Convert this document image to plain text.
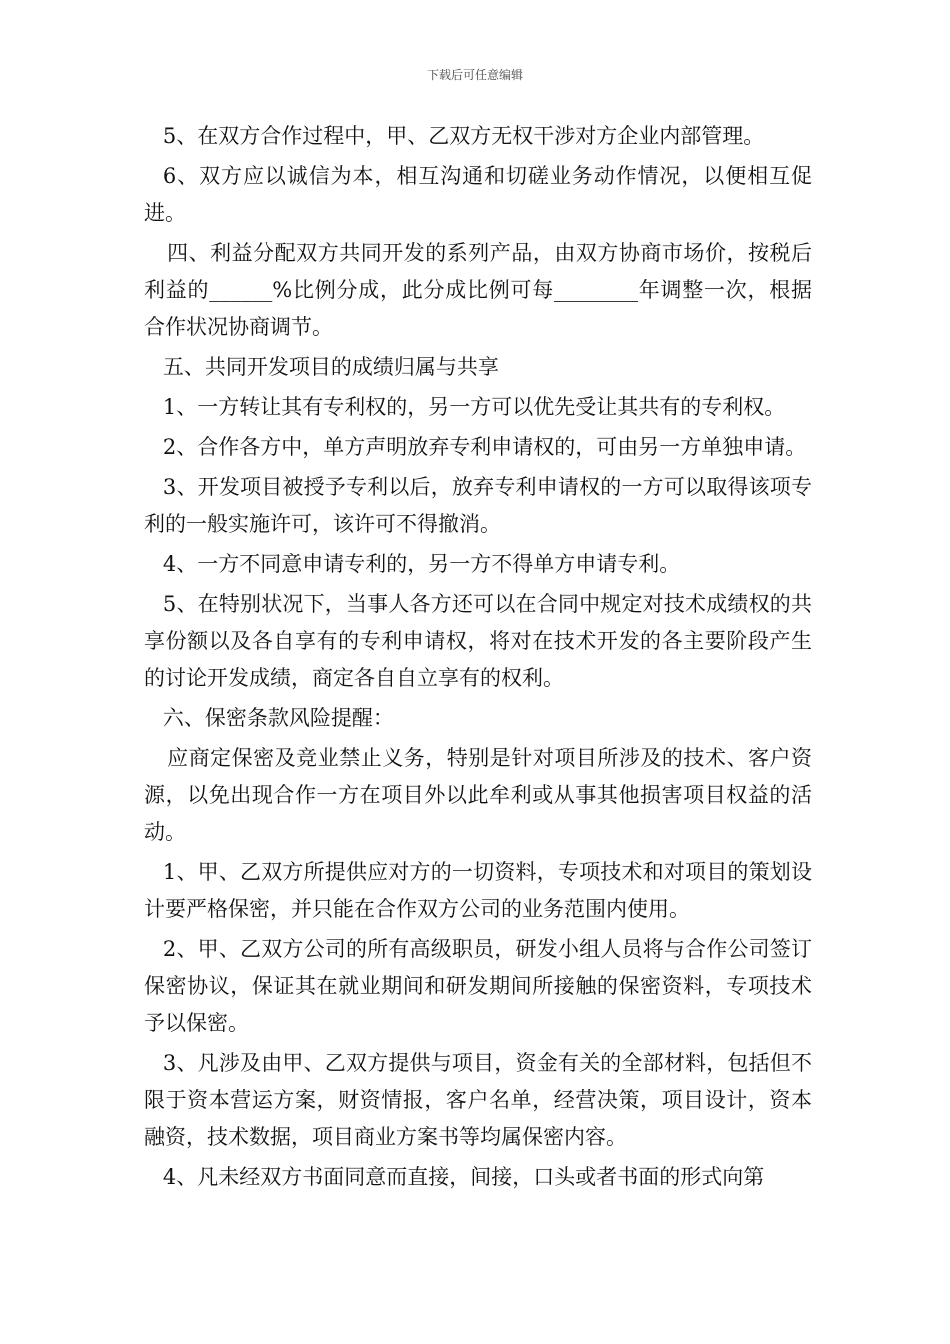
下载后可任意编辑

5、在双方合作过程中，甲、乙双方无权干涉对方企业内部管理。

6、双方应以诚信为本，相互沟通和切磋业务动作情况，以便相互促进。

四、利益分配双方共同开发的系列产品，由双方协商市场价，按税后利益的______%比例分成，此分成比例可每________年调整一次，根据合作状况协商调节。

五、共同开发项目的成绩归属与共享

1、一方转让其有专利权的，另一方可以优先受让其共有的专利权。

2、合作各方中，单方声明放弃专利申请权的，可由另一方单独申请。

3、开发项目被授予专利以后，放弃专利申请权的一方可以取得该项专利的一般实施许可，该许可不得撤消。

4、一方不同意申请专利的，另一方不得单方申请专利。

5、在特别状况下，当事人各方还可以在合同中规定对技术成绩权的共享份额以及各自享有的专利申请权，将对在技术开发的各主要阶段产生的讨论开发成绩，商定各自自立享有的权利。

六、保密条款风险提醒：

应商定保密及竞业禁止义务，特别是针对项目所涉及的技术、客户资源，以免出现合作一方在项目外以此牟利或从事其他损害项目权益的活动。

1、甲、乙双方所提供应对方的一切资料，专项技术和对项目的策划设计要严格保密，并只能在合作双方公司的业务范围内使用。

2、甲、乙双方公司的所有高级职员，研发小组人员将与合作公司签订保密协议，保证其在就业期间和研发期间所接触的保密资料，专项技术予以保密。

3、凡涉及由甲、乙双方提供与项目，资金有关的全部材料，包括但不限于资本营运方案，财资情报，客户名单，经营决策，项目设计，资本融资，技术数据，项目商业方案书等均属保密内容。

4、凡未经双方书面同意而直接，间接，口头或者书面的形式向第
